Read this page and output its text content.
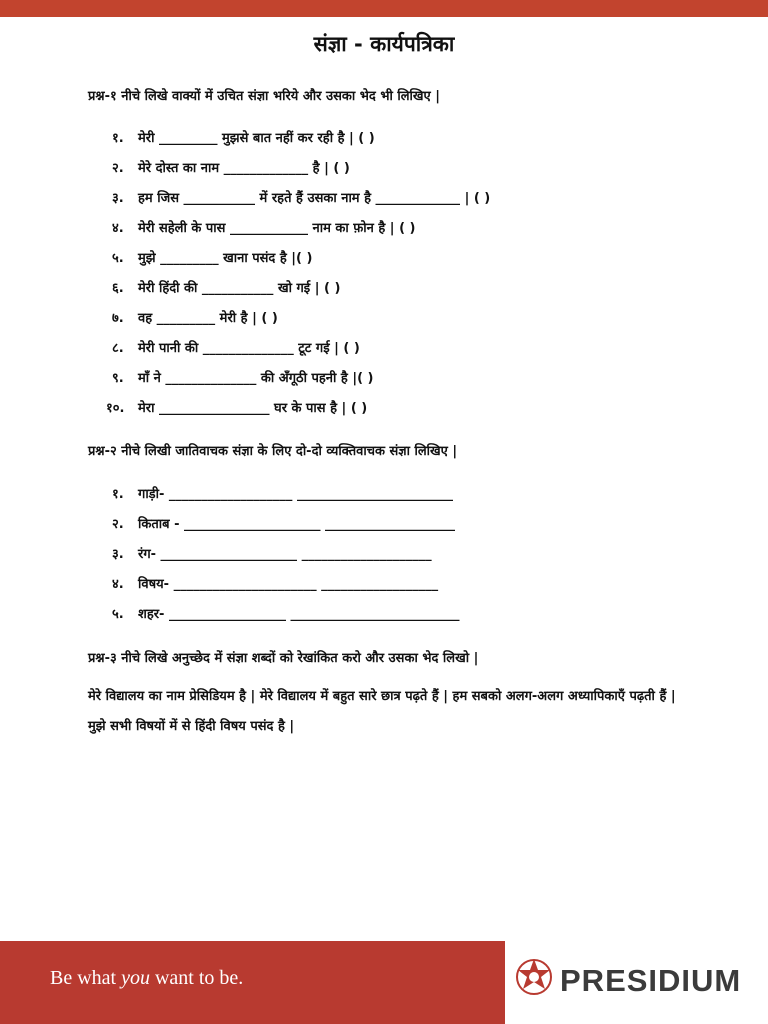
संज्ञा - कार्यपत्रिका
प्रश्न-१ नीचे लिखे वाक्यों में उचित संज्ञा भरिये और उसका भेद भी लिखिए |
१. मेरी _________ मुझसे बात नहीं कर रही है | ( )
२. मेरे दोस्त का नाम _____________ है | ( )
३. हम जिस ___________ में रहते हैं उसका नाम है _____________ | ( )
४. मेरी सहेली के पास ____________ नाम का फ़ोन है | ( )
५. मुझे _________ खाना पसंद है |( )
६. मेरी हिंदी की ___________ खो गई | ( )
७. वह _________ मेरी है | ( )
८. मेरी पानी की ______________ टूट गई | ( )
९. माँ ने ______________ की अँगूठी पहनी है |( )
१०. मेरा _________________ घर के पास है | ( )
प्रश्न-२ नीचे लिखी जातिवाचक संज्ञा के लिए दो-दो व्यक्तिवाचक संज्ञा लिखिए |
१. गाड़ी- ___________________ ________________________
२. किताब - _____________________ ____________________
३. रंग- _____________________ ____________________
४. विषय- ______________________ __________________
५. शहर- __________________ __________________________
प्रश्न-३ नीचे लिखे अनुच्छेद में संज्ञा शब्दों को रेखांकित करो और उसका भेद लिखो |
मेरे विद्यालय का नाम प्रेसिडियम है | मेरे विद्यालय में बहुत सारे छात्र पढ़ते हैं | हम सबको अलग-अलग अध्यापिकाएँ पढ़ती हैं | मुझे सभी विषयों में से हिंदी विषय पसंद है |
Be what you want to be.	PRESIDIUM
